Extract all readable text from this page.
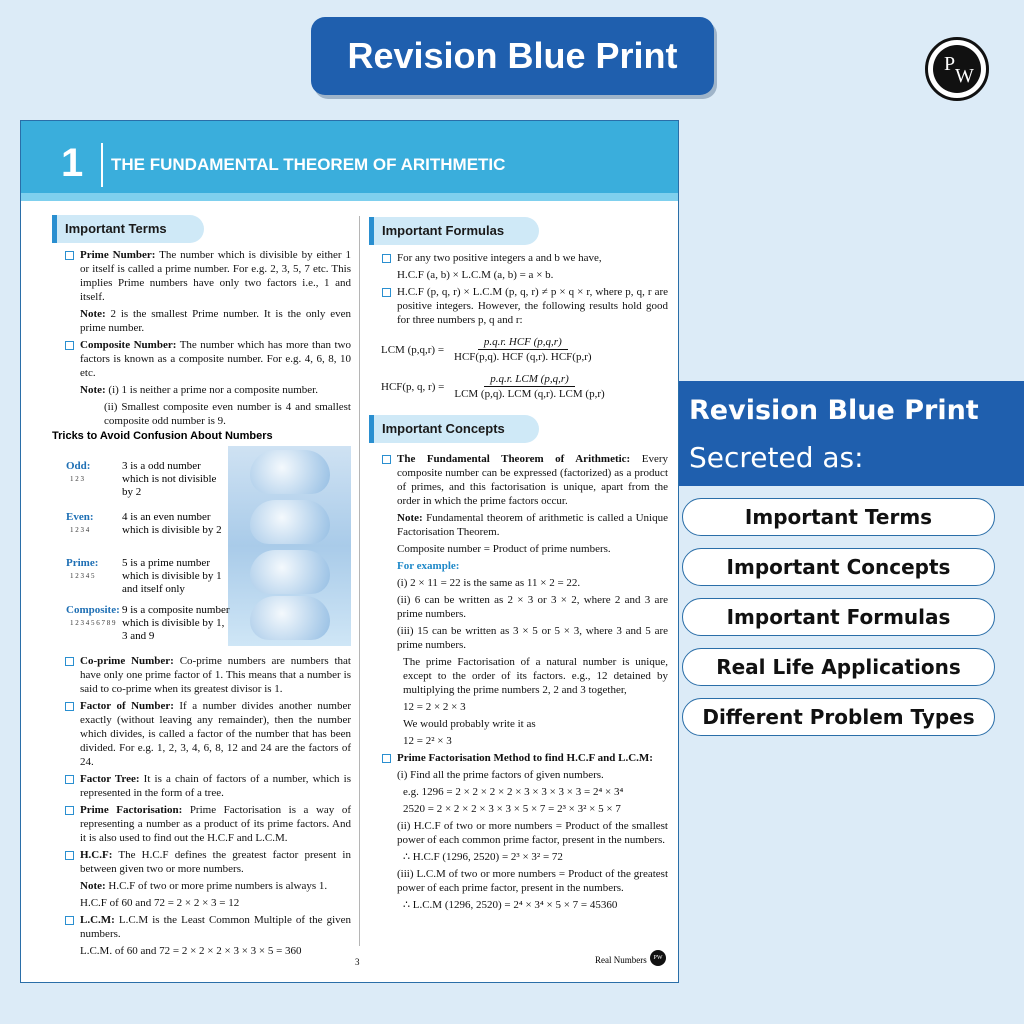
Revision Blue Print	P
W
1 THE FUNDAMENTAL THEOREM OF ARITHMETIC
Important Terms

Prime Number: The number which is divisible by either 1 or itself is called a prime number. For e.g. 2, 3, 5, 7 etc. This implies Prime numbers have only two factors i.e., 1 and itself.

Note: 2 is the smallest Prime number. It is the only even prime number.

Composite Number: The number which has more than two factors is known as a composite number. For e.g. 4, 6, 8, 10 etc.

Note: (i) 1 is neither a prime nor a composite number.

(ii) Smallest composite even number is 4 and smallest composite odd number is 9.

Tricks to Avoid Confusion About Numbers
Odd:
1 2 3
3 is a odd number which is not divisible by 2
Even:
1 2 3 4
4 is an even number which is divisible by 2
Prime:
1 2 3 4 5
5 is a prime number which is divisible by 1 and itself only
Composite:
1 2 3 4 5 6 7 8 9
9 is a composite number which is divisible by 1, 3 and 9

Co-prime Number: Co-prime numbers are numbers that have only one prime factor of 1. This means that a number is said to co-prime when its greatest divisor is 1.

Factor of Number: If a number divides another number exactly (without leaving any remainder), then the number which divides, is called a factor of the number that has been divided. For e.g. 1, 2, 3, 4, 6, 8, 12 and 24 are the factors of 24.

Factor Tree: It is a chain of factors of a number, which is represented in the form of a tree.

Prime Factorisation: Prime Factorisation is a way of representing a number as a product of its prime factors. And it is also used to find out the H.C.F and L.C.M.

H.C.F: The H.C.F defines the greatest factor present in between given two or more numbers.

Note: H.C.F of two or more prime numbers is always 1.

H.C.F of 60 and 72 = 2 × 2 × 3 = 12

L.C.M: L.C.M is the Least Common Multiple of the given numbers.

L.C.M. of 60 and 72 = 2 × 2 × 2 × 3 × 3 × 5 = 360

Important Formulas

For any two positive integers a and b we have,

H.C.F (a, b) × L.C.M (a, b) = a × b.

H.C.F (p, q, r) × L.C.M (p, q, r) ≠ p × q × r, where p, q, r are positive integers. However, the following results hold good for three numbers p, q and r:

LCM $(p,q,r) = \frac{\text{p.q.r. HCF (p,q,r)}}{\text{HCF(p,q). HCF (q,r). HCF(p,r)}}$
HCF(p, q, $r) = \frac{\text{p.q.r. LCM (p,q,r)}}{\text{LCM (p,q). LCM (q,r). LCM (p,r)}}$
Important Concepts

The Fundamental Theorem of Arithmetic: Every composite number can be expressed (factorized) as a product of primes, and this factorisation is unique, apart from the order in which the prime factors occur.

Note: Fundamental theorem of arithmetic is called a Unique Factorisation Theorem.

Composite number = Product of prime numbers.

For example:

(i) 2 × 11 = 22 is the same as 11 × 2 = 22.

(ii) 6 can be written as 2 × 3 or 3 × 2, where 2 and 3 are prime numbers.

(iii) 15 can be written as 3 × 5 or 5 × 3, where 3 and 5 are prime numbers.

The prime Factorisation of a natural number is unique, except to the order of its factors. e.g., 12 detained by multiplying the prime numbers 2, 2 and 3 together,

12 = 2 × 2 × 3

We would probably write it as

12 = 2² × 3

Prime Factorisation Method to find H.C.F and L.C.M:

(i) Find all the prime factors of given numbers.

e.g. 1296 = 2 × 2 × 2 × 2 × 3 × 3 × 3 × 3 = 2⁴ × 3⁴

2520 = 2 × 2 × 2 × 3 × 3 × 5 × 7 = 2³ × 3² × 5 × 7

(ii) H.C.F of two or more numbers = Product of the smallest power of each common prime factor, present in the numbers.

∴ H.C.F (1296, 2520) = 2³ × 3² = 72

(iii) L.C.M of two or more numbers = Product of the greatest power of each prime factor, present in the numbers.

∴ L.C.M (1296, 2520) = 2⁴ × 3⁴ × 5 × 7 = 45360

3	Real Numbers	PW
Revision Blue Print
Secreted as:
Important Terms
Important Concepts
Important Formulas
Real Life Applications
Different Problem Types
